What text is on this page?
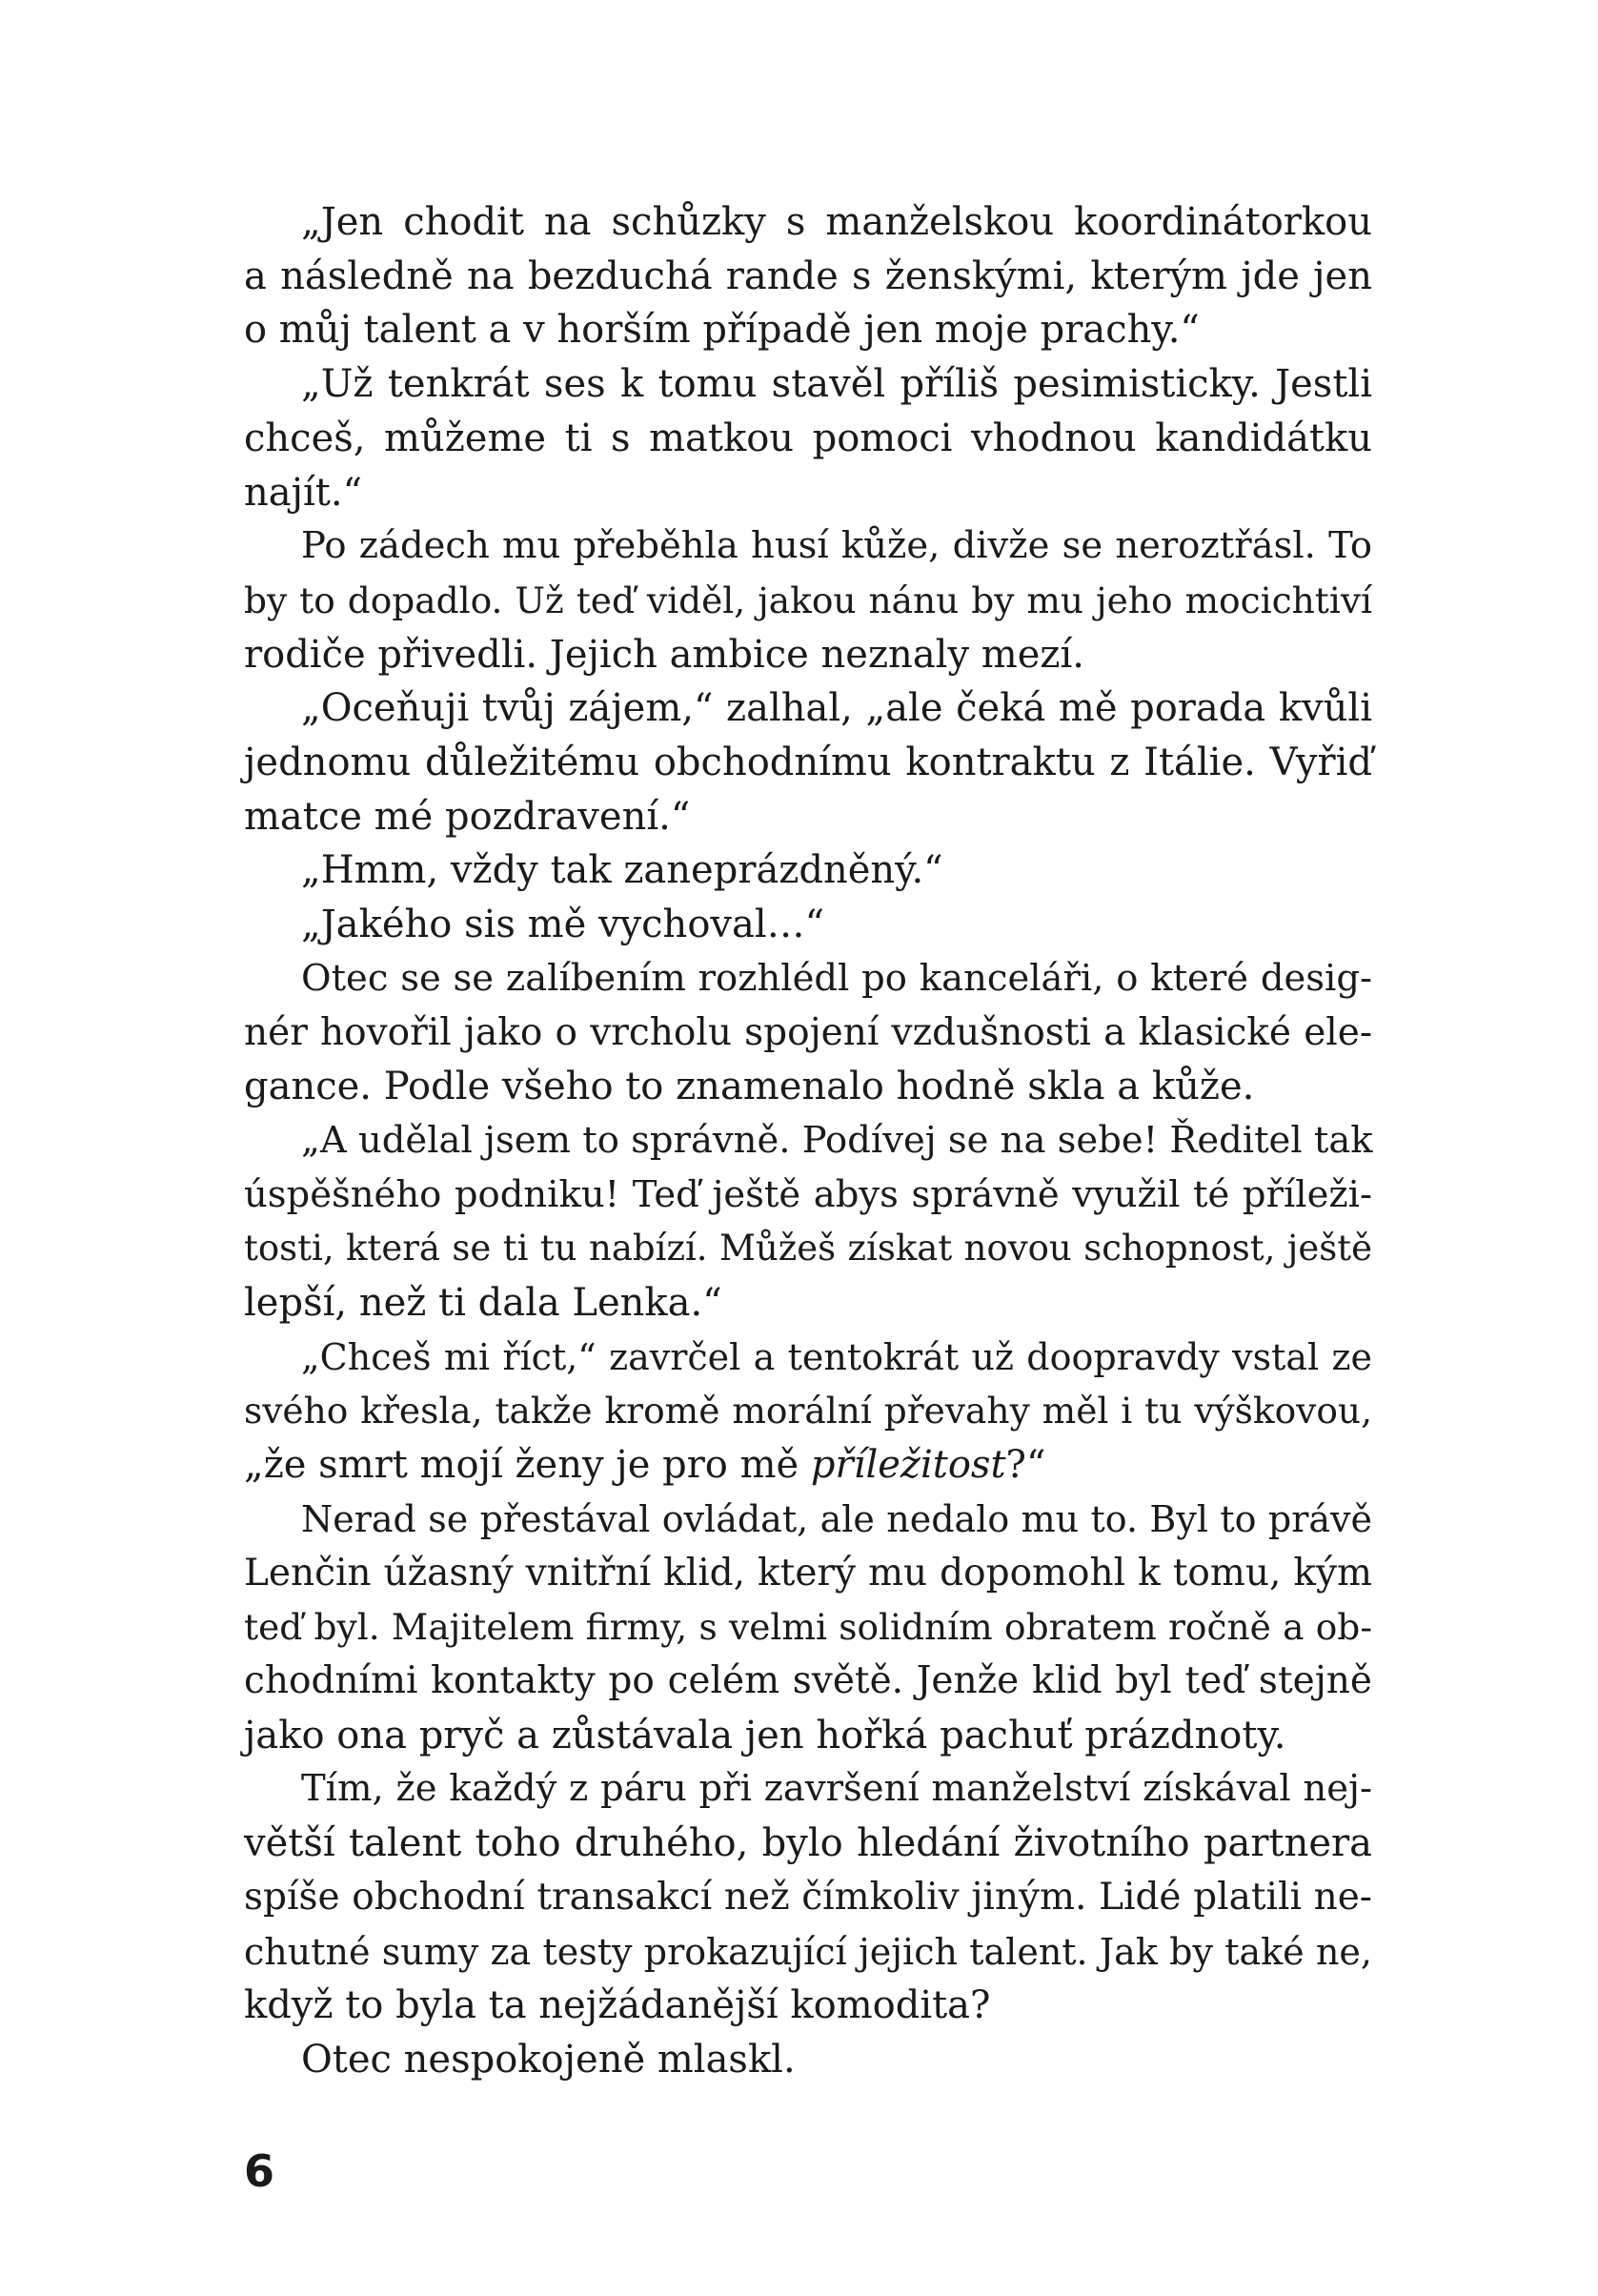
„Jen chodit na schůzky s manželskou koordinátorkou
a následně na bezduchá rande s ženskými, kterým jde jen
o můj talent a v horším případě jen moje prachy.“

„Už tenkrát ses k tomu stavěl příliš pesimisticky. Jestli
chceš, můžeme ti s matkou pomoci vhodnou kandidátku
najít.“

Po zádech mu přeběhla husí kůže, divže se neroztřásl. To
by to dopadlo. Už teď viděl, jakou nánu by mu jeho mocichtiví
rodiče přivedli. Jejich ambice neznaly mezí.

„Oceňuji tvůj zájem,“ zalhal, „ale čeká mě porada kvůli
jednomu důležitému obchodnímu kontraktu z Itálie. Vyřiď
matce mé pozdravení.“

„Hmm, vždy tak zaneprázdněný.“

„Jakého sis mě vychoval…“

Otec se se zalíbením rozhlédl po kanceláři, o které desig-
nér hovořil jako o vrcholu spojení vzdušnosti a klasické ele-
gance. Podle všeho to znamenalo hodně skla a kůže.

„A udělal jsem to správně. Podívej se na sebe! Ředitel tak
úspěšného podniku! Teď ještě abys správně využil té příleži-
tosti, která se ti tu nabízí. Můžeš získat novou schopnost, ještě
lepší, než ti dala Lenka.“

„Chceš mi říct,“ zavrčel a tentokrát už doopravdy vstal ze
svého křesla, takže kromě morální převahy měl i tu výškovou,
„že smrt mojí ženy je pro mě příležitost?“

Nerad se přestával ovládat, ale nedalo mu to. Byl to právě
Lenčin úžasný vnitřní klid, který mu dopomohl k tomu, kým
teď byl. Majitelem firmy, s velmi solidním obratem ročně a ob-
chodními kontakty po celém světě. Jenže klid byl teď stejně
jako ona pryč a zůstávala jen hořká pachuť prázdnoty.

Tím, že každý z páru při završení manželství získával nej-
větší talent toho druhého, bylo hledání životního partnera
spíše obchodní transakcí než čímkoliv jiným. Lidé platili ne-
chutné sumy za testy prokazující jejich talent. Jak by také ne,
když to byla ta nejžádanější komodita?

Otec nespokojeně mlaskl.

6
